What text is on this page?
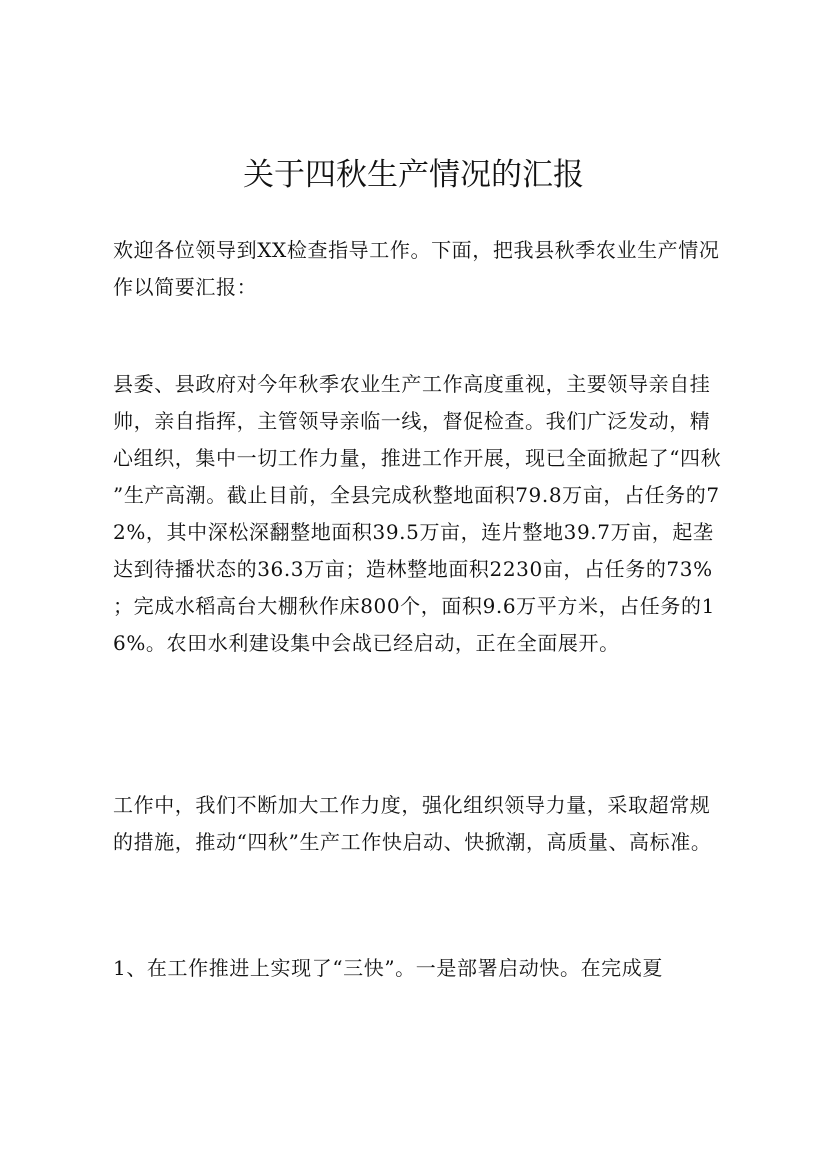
关于四秋生产情况的汇报

欢迎各位领导到XX检查指导工作。下面，把我县秋季农业生产情况作以简要汇报：

县委、县政府对今年秋季农业生产工作高度重视，主要领导亲自挂帅，亲自指挥，主管领导亲临一线，督促检查。我们广泛发动，精心组织，集中一切工作力量，推进工作开展，现已全面掀起了“四秋”生产高潮。截止目前，全县完成秋整地面积79.8万亩，占任务的72%，其中深松深翻整地面积39.5万亩，连片整地39.7万亩，起垄达到待播状态的36.3万亩；造林整地面积2230亩，占任务的73%；完成水稻高台大棚秋作床800个，面积9.6万平方米，占任务的16%。农田水利建设集中会战已经启动，正在全面展开。

工作中，我们不断加大工作力度，强化组织领导力量，采取超常规的措施，推动“四秋”生产工作快启动、快掀潮，高质量、高标准。

1、在工作推进上实现了“三快”。一是部署启动快。在完成夏
